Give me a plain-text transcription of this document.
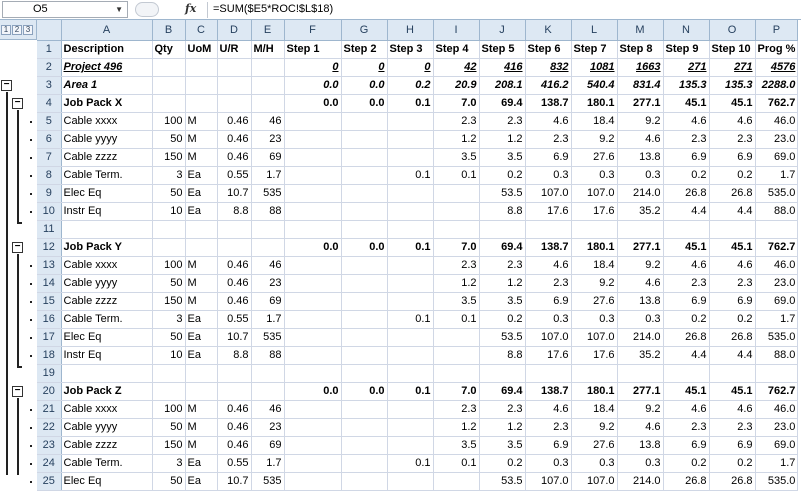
O5	▼	fx =SUM($E5*ROC!$L$18)
1 2 3
−
−
−
−
	A	B	C	D	E	F	G	H	I	J	K	L	M	N	O	P
1	Description	Qty	UoM	U/R	M/H	Step 1	Step 2	Step 3	Step 4	Step 5	Step 6	Step 7	Step 8	Step 9	Step 10	Prog %
2	Project 496					0	0	0	42	416	832	1081	1663	271	271	4576
3	Area 1					0.0	0.0	0.2	20.9	208.1	416.2	540.4	831.4	135.3	135.3	2288.0
4	Job Pack X					0.0	0.0	0.1	7.0	69.4	138.7	180.1	277.1	45.1	45.1	762.7
5	Cable xxxx	100	M	0.46	46				2.3	2.3	4.6	18.4	9.2	4.6	4.6	46.0
6	Cable yyyy	50	M	0.46	23				1.2	1.2	2.3	9.2	4.6	2.3	2.3	23.0
7	Cable zzzz	150	M	0.46	69				3.5	3.5	6.9	27.6	13.8	6.9	6.9	69.0
8	Cable Term.	3	Ea	0.55	1.7			0.1	0.1	0.2	0.3	0.3	0.3	0.2	0.2	1.7
9	Elec Eq	50	Ea	10.7	535					53.5	107.0	107.0	214.0	26.8	26.8	535.0
10	Instr Eq	10	Ea	8.8	88					8.8	17.6	17.6	35.2	4.4	4.4	88.0
11																
12	Job Pack Y					0.0	0.0	0.1	7.0	69.4	138.7	180.1	277.1	45.1	45.1	762.7
13	Cable xxxx	100	M	0.46	46				2.3	2.3	4.6	18.4	9.2	4.6	4.6	46.0
14	Cable yyyy	50	M	0.46	23				1.2	1.2	2.3	9.2	4.6	2.3	2.3	23.0
15	Cable zzzz	150	M	0.46	69				3.5	3.5	6.9	27.6	13.8	6.9	6.9	69.0
16	Cable Term.	3	Ea	0.55	1.7			0.1	0.1	0.2	0.3	0.3	0.3	0.2	0.2	1.7
17	Elec Eq	50	Ea	10.7	535					53.5	107.0	107.0	214.0	26.8	26.8	535.0
18	Instr Eq	10	Ea	8.8	88					8.8	17.6	17.6	35.2	4.4	4.4	88.0
19																
20	Job Pack Z					0.0	0.0	0.1	7.0	69.4	138.7	180.1	277.1	45.1	45.1	762.7
21	Cable xxxx	100	M	0.46	46				2.3	2.3	4.6	18.4	9.2	4.6	4.6	46.0
22	Cable yyyy	50	M	0.46	23				1.2	1.2	2.3	9.2	4.6	2.3	2.3	23.0
23	Cable zzzz	150	M	0.46	69				3.5	3.5	6.9	27.6	13.8	6.9	6.9	69.0
24	Cable Term.	3	Ea	0.55	1.7			0.1	0.1	0.2	0.3	0.3	0.3	0.2	0.2	1.7
25	Elec Eq	50	Ea	10.7	535					53.5	107.0	107.0	214.0	26.8	26.8	535.0
